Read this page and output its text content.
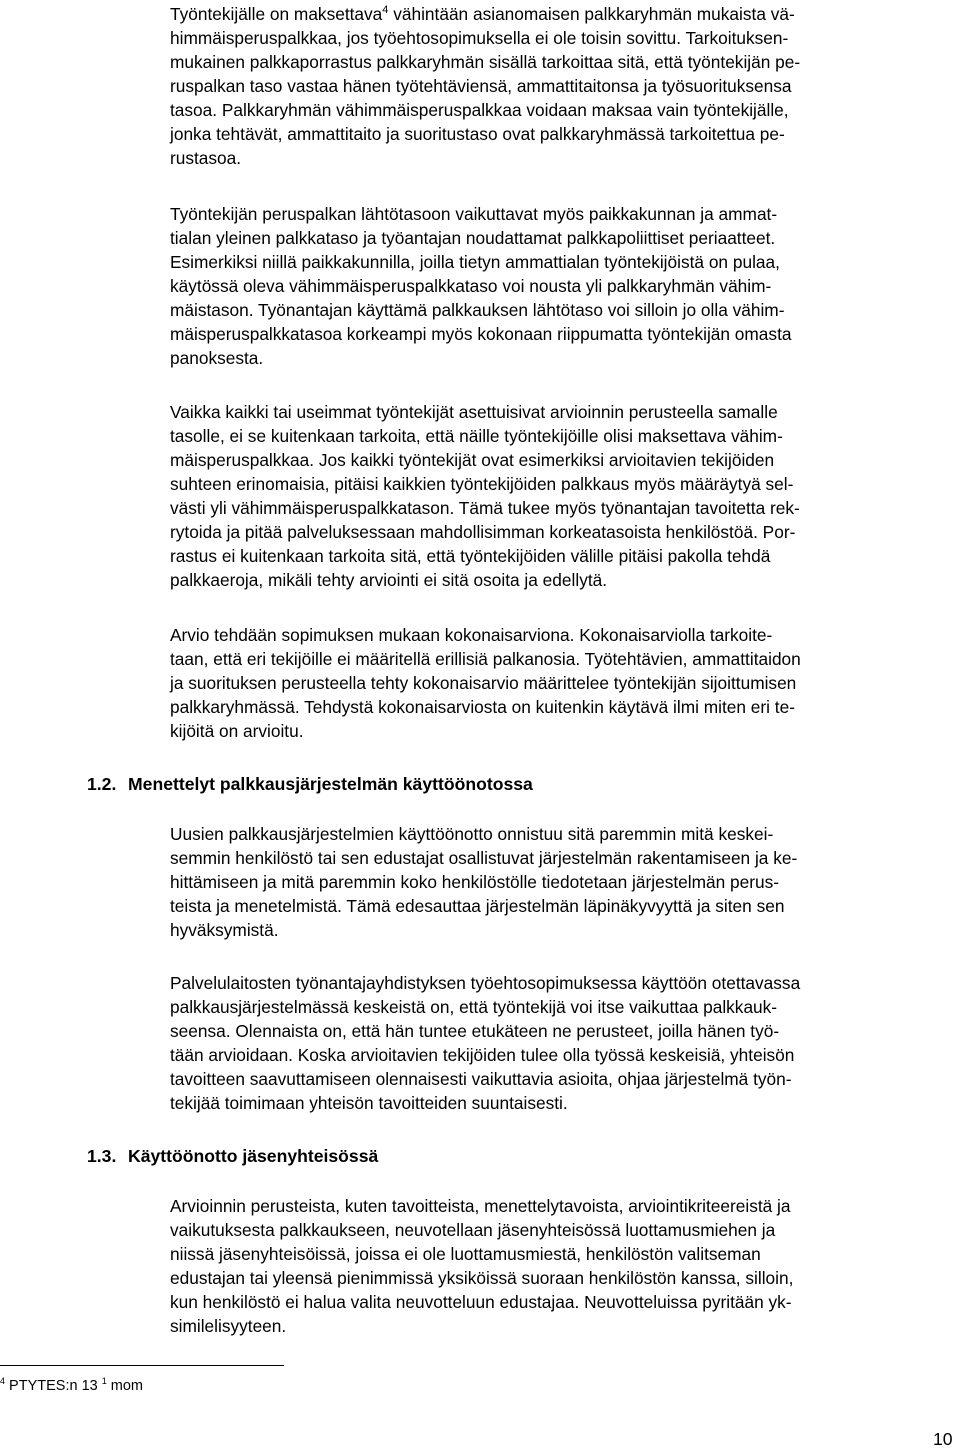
Työntekijälle on maksettava$^4$ vähintään asianomaisen palkkaryhmän mukaista vä-
himmäisperuspalkkaa, jos työehtosopimuksella ei ole toisin sovittu. Tarkoituksen-
mukainen palkkaporrastus palkkaryhmän sisällä tarkoittaa sitä, että työntekijän pe-
ruspalkan taso vastaa hänen työtehtäviensä, ammattitaitonsa ja työsuorituksensa
tasoa. Palkkaryhmän vähimmäisperuspalkkaa voidaan maksaa vain työntekijälle,
jonka tehtävät, ammattitaito ja suoritustaso ovat palkkaryhmässä tarkoitettua pe-
rustasoa.
Työntekijän peruspalkan lähtötasoon vaikuttavat myös paikkakunnan ja ammat-
tialan yleinen palkkataso ja työantajan noudattamat palkkapoliittiset periaatteet.
Esimerkiksi niillä paikkakunnilla, joilla tietyn ammattialan työntekijöistä on pulaa,
käytössä oleva vähimmäisperuspalkkataso voi nousta yli palkkaryhmän vähim-
mäistason. Työnantajan käyttämä palkkauksen lähtötaso voi silloin jo olla vähim-
mäisperuspalkkatasoa korkeampi myös kokonaan riippumatta työntekijän omasta
panoksesta.
Vaikka kaikki tai useimmat työntekijät asettuisivat arvioinnin perusteella samalle
tasolle, ei se kuitenkaan tarkoita, että näille työntekijöille olisi maksettava vähim-
mäisperuspalkkaa. Jos kaikki työntekijät ovat esimerkiksi arvioitavien tekijöiden
suhteen erinomaisia, pitäisi kaikkien työntekijöiden palkkaus myös määräytyä sel-
västi yli vähimmäisperuspalkkatason. Tämä tukee myös työnantajan tavoitetta rek-
rytoida ja pitää palveluksessaan mahdollisimman korkeatasoista henkilöstöä. Por-
rastus ei kuitenkaan tarkoita sitä, että työntekijöiden välille pitäisi pakolla tehdä
palkkaeroja, mikäli tehty arviointi ei sitä osoita ja edellytä.
Arvio tehdään sopimuksen mukaan kokonaisarviona. Kokonaisarviolla tarkoite-
taan, että eri tekijöille ei määritellä erillisiä palkanosia. Työtehtävien, ammattitaidon
ja suorituksen perusteella tehty kokonaisarvio määrittelee työntekijän sijoittumisen
palkkaryhmässä. Tehdystä kokonaisarviosta on kuitenkin käytävä ilmi miten eri te-
kijöitä on arvioitu.
1.2. Menettelyt palkkausjärjestelmän käyttöönotossa
Uusien palkkausjärjestelmien käyttöönotto onnistuu sitä paremmin mitä keskei-
semmin henkilöstö tai sen edustajat osallistuvat järjestelmän rakentamiseen ja ke-
hittämiseen ja mitä paremmin koko henkilöstölle tiedotetaan järjestelmän perus-
teista ja menetelmistä. Tämä edesauttaa järjestelmän läpinäkyvyyttä ja siten sen
hyväksymistä.
Palvelulaitosten työnantajayhdistyksen työehtosopimuksessa käyttöön otettavassa
palkkausjärjestelmässä keskeistä on, että työntekijä voi itse vaikuttaa palkkauk-
seensa. Olennaista on, että hän tuntee etukäteen ne perusteet, joilla hänen työ-
tään arvioidaan. Koska arvioitavien tekijöiden tulee olla työssä keskeisiä, yhteisön
tavoitteen saavuttamiseen olennaisesti vaikuttavia asioita, ohjaa järjestelmä työn-
tekijää toimimaan yhteisön tavoitteiden suuntaisesti.
1.3. Käyttöönotto jäsenyhteisössä
Arvioinnin perusteista, kuten tavoitteista, menettelytavoista, arviointikriteereistä ja
vaikutuksesta palkkaukseen, neuvotellaan jäsenyhteisössä luottamusmiehen ja
niissä jäsenyhteisöissä, joissa ei ole luottamusmiestä, henkilöstön valitseman
edustajan tai yleensä pienimmissä yksiköissä suoraan henkilöstön kanssa, silloin,
kun henkilöstö ei halua valita neuvotteluun edustajaa. Neuvotteluissa pyritään yk-
similelisyyteen.
$^4$ PTYTES:n 13 $^1$ mom
10
